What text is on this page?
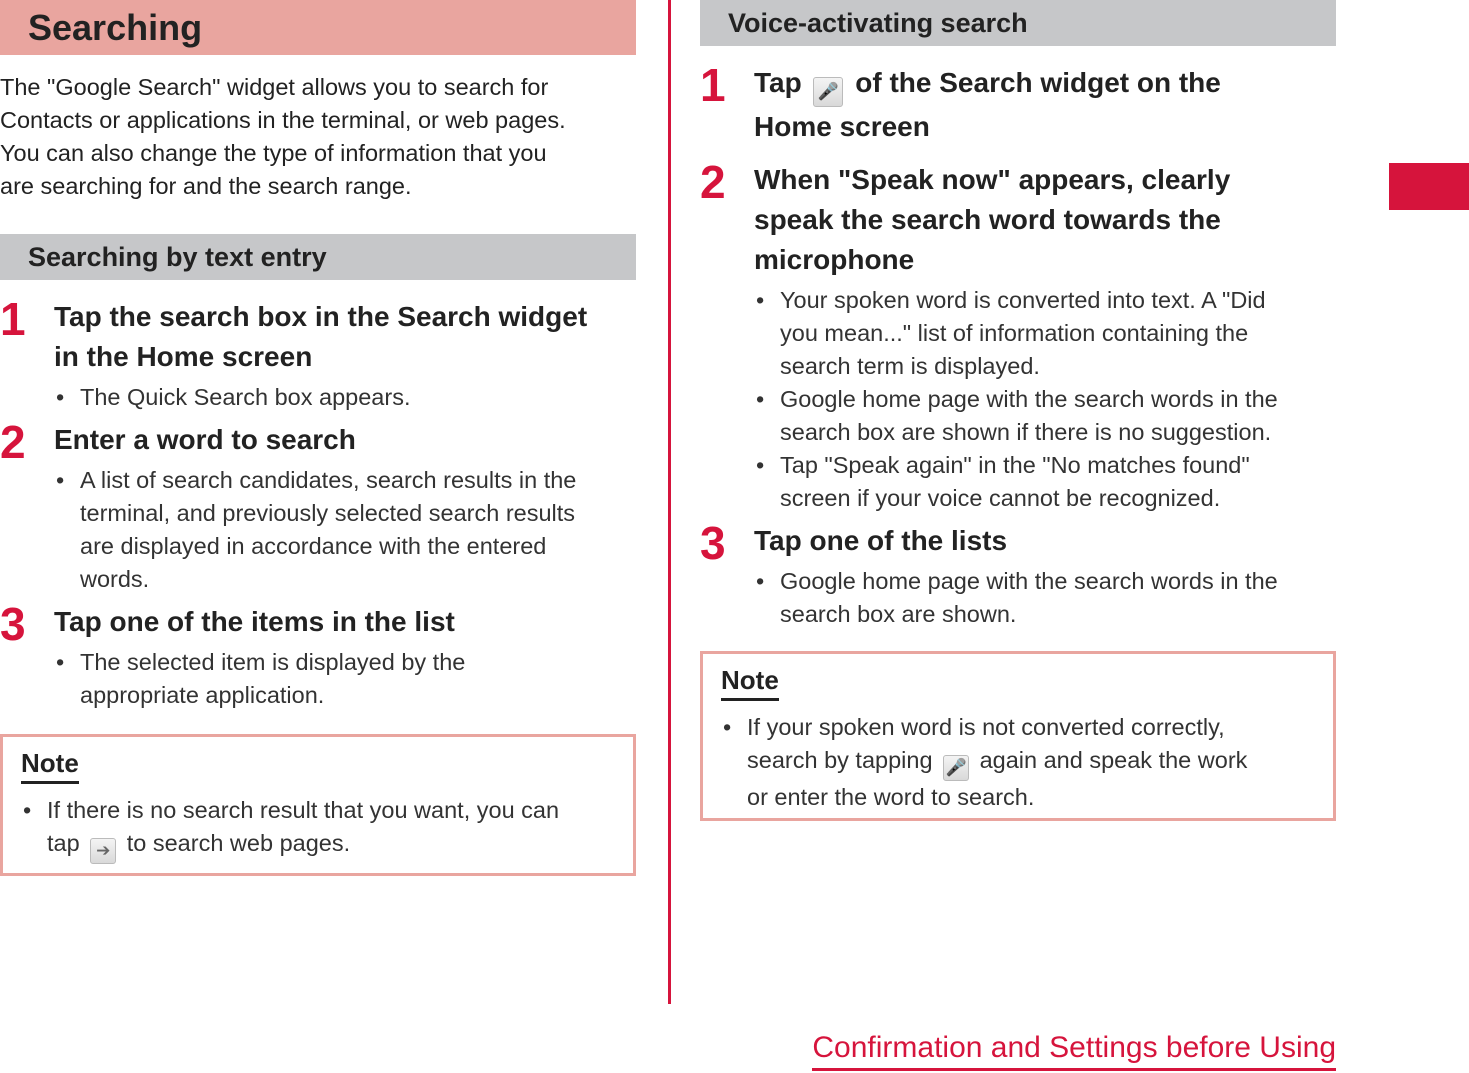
Searching
The "Google Search" widget allows you to search for
Contacts or applications in the terminal, or web pages.
You can also change the type of information that you
are searching for and the search range.
Searching by text entry
1 Tap the search box in the Search widget
in the Home screen
• The Quick Search box appears.
2 Enter a word to search
• A list of search candidates, search results in the
terminal, and previously selected search results
are displayed in accordance with the entered
words.
3 Tap one of the items in the list
• The selected item is displayed by the
appropriate application.
Note
• If there is no search result that you want, you can
tap ➔ to search web pages.
Voice-activating search
1 Tap 🎤 of the Search widget on the
Home screen
2 When "Speak now" appears, clearly
speak the search word towards the
microphone
• Your spoken word is converted into text. A "Did
you mean..." list of information containing the
search term is displayed.
• Google home page with the search words in the
search box are shown if there is no suggestion.
• Tap "Speak again" in the "No matches found"
screen if your voice cannot be recognized.
3 Tap one of the lists
• Google home page with the search words in the
search box are shown.
Note
• If your spoken word is not converted correctly,
search by tapping 🎤 again and speak the work
or enter the word to search.
Confirmation and Settings before Using
